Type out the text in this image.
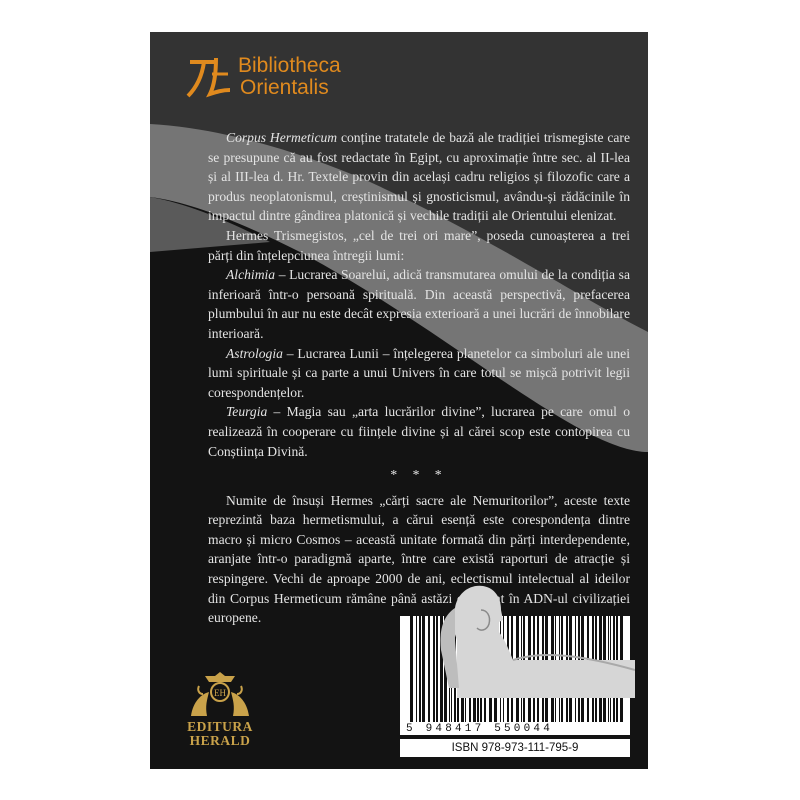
Bibliotheca
Orientalis

Corpus Hermeticum conține tratatele de bază ale tradiției trismegiste care se presupune că au fost redactate în Egipt, cu aproximație între sec. al II-lea și al III-lea d. Hr. Textele provin din același cadru religios și filozofic care a produs neoplatonismul, creștinismul și gnosticismul, avându-și rădăcinile în impactul dintre gândirea platonică și vechile tradiții ale Orientului elenizat.

Hermes Trismegistos, „cel de trei ori mare”, poseda cunoașterea a trei părți din înțelepciunea întregii lumi:

Alchimia – Lucrarea Soarelui, adică transmutarea omului de la condiția sa inferioară într-o persoană spirituală. Din această perspectivă, prefacerea plumbului în aur nu este decât expresia exterioară a unei lucrări de înnobilare interioară.

Astrologia – Lucrarea Lunii – înțelegerea planetelor ca simboluri ale unei lumi spirituale și ca parte a unui Univers în care totul se mișcă potrivit legii corespondențelor.

Teurgia – Magia sau „arta lucrărilor divine”, lucrarea pe care omul o realizează în cooperare cu ființele divine și al cărei scop este contopirea cu Conștiința Divină.

* * *

Numite de însuși Hermes „cărți sacre ale Nemuritorilor”, aceste texte reprezintă baza hermetismului, a cărui esență este corespondența dintre macro și micro Cosmos – această unitate formată din părți interdependente, aranjate într-o paradigmă aparte, între care există raporturi de atracție și respingere. Vechi de aproape 2000 de ani, eclectismul intelectual al ideilor din Corpus Hermeticum rămâne până astăzi codificat în ADN-ul civilizației europene.

EH
EDITURA
HERALD
5 948417 550044
ISBN 978-973-111-795-9
